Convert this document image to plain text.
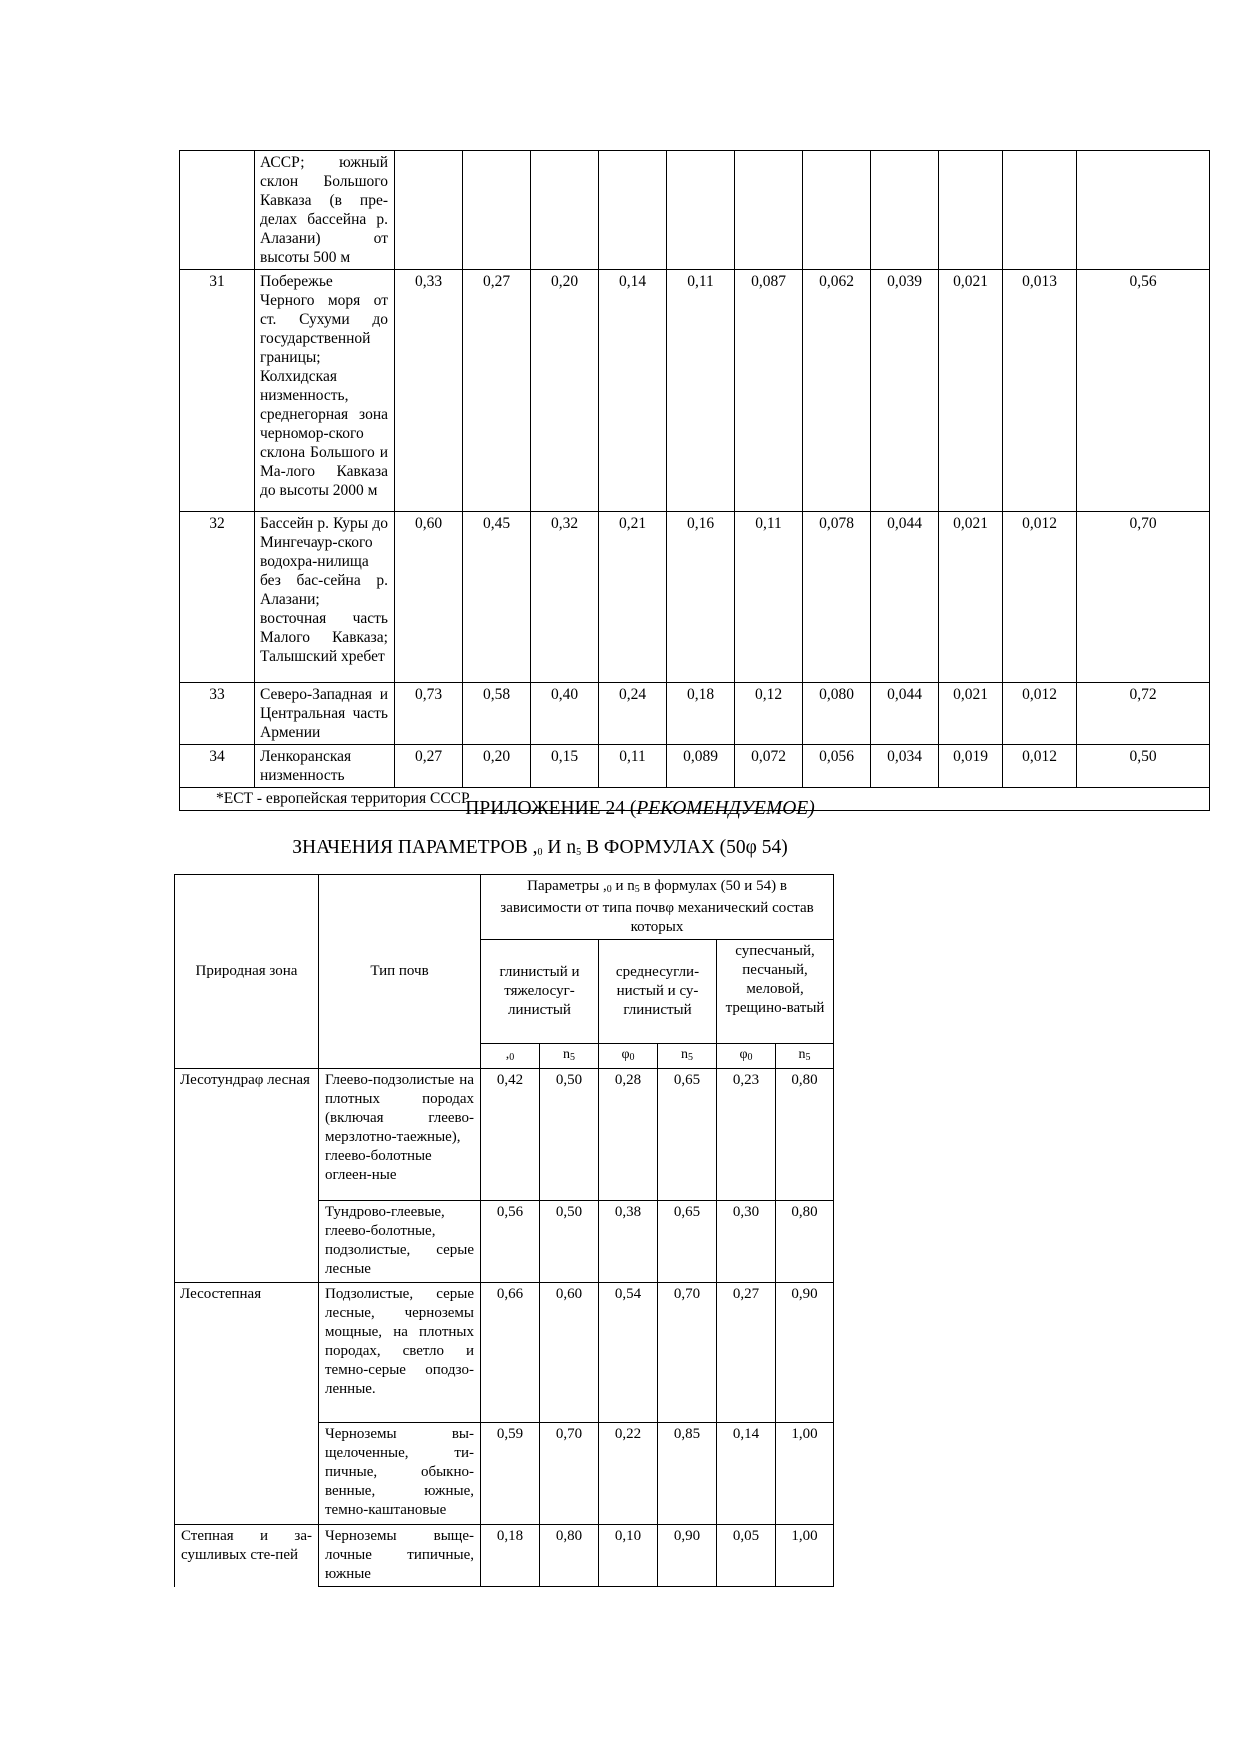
	АССР; южный склон Большого Кавказа (в пре-делах бассейна р. Алазани) от высоты 500 м											
31	Побережье Черного моря от ст. Сухуми до государственной границы; Колхидская низменность, среднегорная зона черномор-ского склона Большого и Ма-лого Кавказа до высоты 2000 м	0,33	0,27	0,20	0,14	0,11	0,087	0,062	0,039	0,021	0,013	0,56
32	Бассейн р. Куры до Мингечаур-ского водохра-нилища без бас-сейна р. Алазани; восточная часть Малого Кавказа; Талышский хребет	0,60	0,45	0,32	0,21	0,16	0,11	0,078	0,044	0,021	0,012	0,70
33	Северо-Западная и Центральная часть Армении	0,73	0,58	0,40	0,24	0,18	0,12	0,080	0,044	0,021	0,012	0,72
34	Ленкоранская низменность	0,27	0,20	0,15	0,11	0,089	0,072	0,056	0,034	0,019	0,012	0,50
*ЕСТ - европейская территория СССР												
ПРИЛОЖЕНИЕ 24 (РЕКОМЕНДУЕМОЕ)
ЗНАЧЕНИЯ ПАРАМЕТРОВ $,_0$ И $n_5$ В ФОРМУЛАХ (50φ 54)
Природная зона	Тип почв	Параметры $,_0$ и $n_5$ в формулах (50 и 54) в зависимости от типа почвφ механический состав которых					
		глинистый и тяжелосуг-линистый		среднесугли-нистый и су-глинистый		супесчаный, песчаный, меловой, трещино-ватый	
		$,_0$	$n_5$	$\varphi_0$	$n_5$	$\varphi_0$	$n_5$
Лесотундраφ лесная	Глеево-подзолистые на плотных породах (включая глеево-мерзлотно-таежные), глеево-болотные оглеен-ные	0,42	0,50	0,28	0,65	0,23	0,80
	Тундрово-глеевые, глеево-болотные, подзолистые, серые лесные	0,56	0,50	0,38	0,65	0,30	0,80
Лесостепная	Подзолистые, серые лесные, черноземы мощные, на плотных породах, светло и темно-серые оподзо-ленные.	0,66	0,60	0,54	0,70	0,27	0,90
	Черноземы вы-щелоченные, ти-пичные, обыкно-венные, южные, темно-каштановые	0,59	0,70	0,22	0,85	0,14	1,00
Степная и за-сушливых сте-пей	Черноземы выще-лочные типичные, южные	0,18	0,80	0,10	0,90	0,05	1,00
